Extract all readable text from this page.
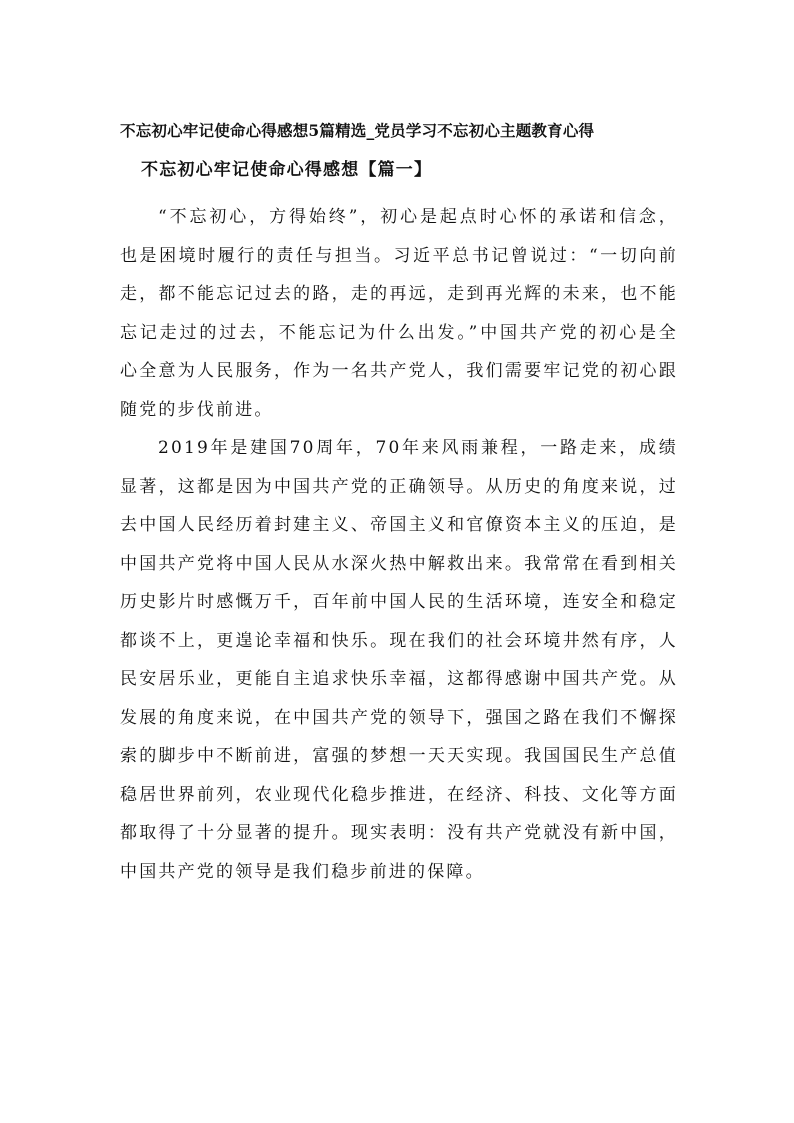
不忘初心牢记使命心得感想5篇精选_党员学习不忘初心主题教育心得
不忘初心牢记使命心得感想【篇一】

“不忘初心，方得始终”，初心是起点时心怀的承诺和信念，也是困境时履行的责任与担当。习近平总书记曾说过：“一切向前走，都不能忘记过去的路，走的再远，走到再光辉的未来，也不能忘记走过的过去，不能忘记为什么出发。”中国共产党的初心是全心全意为人民服务，作为一名共产党人，我们需要牢记党的初心跟随党的步伐前进。

2019年是建国70周年，70年来风雨兼程，一路走来，成绩显著，这都是因为中国共产党的正确领导。从历史的角度来说，过去中国人民经历着封建主义、帝国主义和官僚资本主义的压迫，是中国共产党将中国人民从水深火热中解救出来。我常常在看到相关历史影片时感慨万千，百年前中国人民的生活环境，连安全和稳定都谈不上，更遑论幸福和快乐。现在我们的社会环境井然有序，人民安居乐业，更能自主追求快乐幸福，这都得感谢中国共产党。从发展的角度来说，在中国共产党的领导下，强国之路在我们不懈探索的脚步中不断前进，富强的梦想一天天实现。我国国民生产总值稳居世界前列，农业现代化稳步推进，在经济、科技、文化等方面都取得了十分显著的提升。现实表明：没有共产党就没有新中国，中国共产党的领导是我们稳步前进的保障。
